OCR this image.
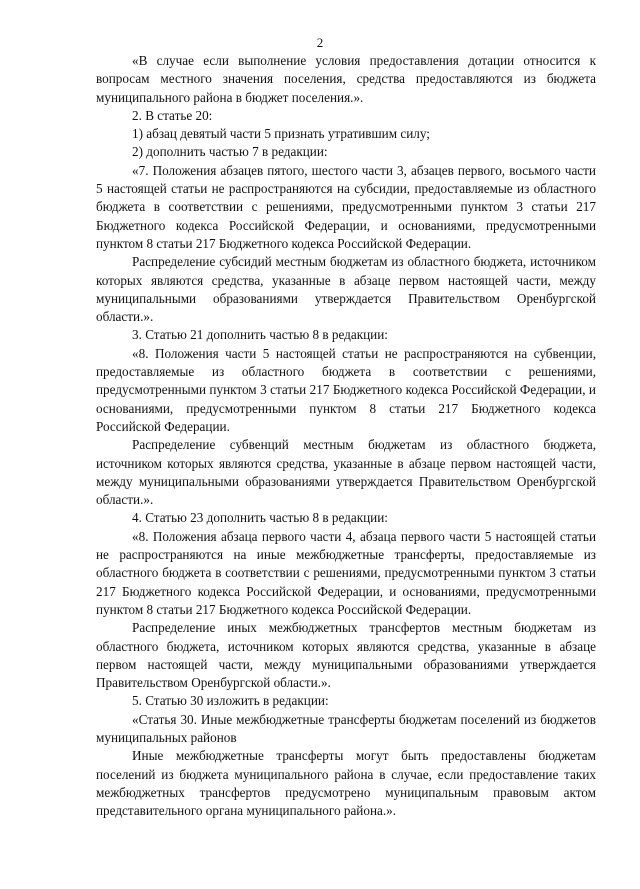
2

«В случае если выполнение условия предоставления дотации относится к вопросам местного значения поселения, средства предоставляются из бюджета муниципального района в бюджет поселения.».

2. В статье 20:

1) абзац девятый части 5 признать утратившим силу;

2) дополнить частью 7 в редакции:

«7. Положения абзацев пятого, шестого части 3, абзацев первого, восьмого части 5 настоящей статьи не распространяются на субсидии, предоставляемые из областного бюджета в соответствии с решениями, предусмотренными пунктом 3 статьи 217 Бюджетного кодекса Российской Федерации, и основаниями, предусмотренными пунктом 8 статьи 217 Бюджетного кодекса Российской Федерации.

Распределение субсидий местным бюджетам из областного бюджета, источником которых являются средства, указанные в абзаце первом настоящей части, между муниципальными образованиями утверждается Правительством Оренбургской области.».

3. Статью 21 дополнить частью 8 в редакции:

«8. Положения части 5 настоящей статьи не распространяются на субвенции, предоставляемые из областного бюджета в соответствии с решениями, предусмотренными пунктом 3 статьи 217 Бюджетного кодекса Российской Федерации, и основаниями, предусмотренными пунктом 8 статьи 217 Бюджетного кодекса Российской Федерации.

Распределение субвенций местным бюджетам из областного бюджета, источником которых являются средства, указанные в абзаце первом настоящей части, между муниципальными образованиями утверждается Правительством Оренбургской области.».

4. Статью 23 дополнить частью 8 в редакции:

«8. Положения абзаца первого части 4, абзаца первого части 5 настоящей статьи не распространяются на иные межбюджетные трансферты, предоставляемые из областного бюджета в соответствии с решениями, предусмотренными пунктом 3 статьи 217 Бюджетного кодекса Российской Федерации, и основаниями, предусмотренными пунктом 8 статьи 217 Бюджетного кодекса Российской Федерации.

Распределение иных межбюджетных трансфертов местным бюджетам из областного бюджета, источником которых являются средства, указанные в абзаце первом настоящей части, между муниципальными образованиями утверждается Правительством Оренбургской области.».

5. Статью 30 изложить в редакции:

«Статья 30. Иные межбюджетные трансферты бюджетам поселений из бюджетов муниципальных районов

Иные межбюджетные трансферты могут быть предоставлены бюджетам поселений из бюджета муниципального района в случае, если предоставление таких межбюджетных трансфертов предусмотрено муниципальным правовым актом представительного органа муниципального района.».
